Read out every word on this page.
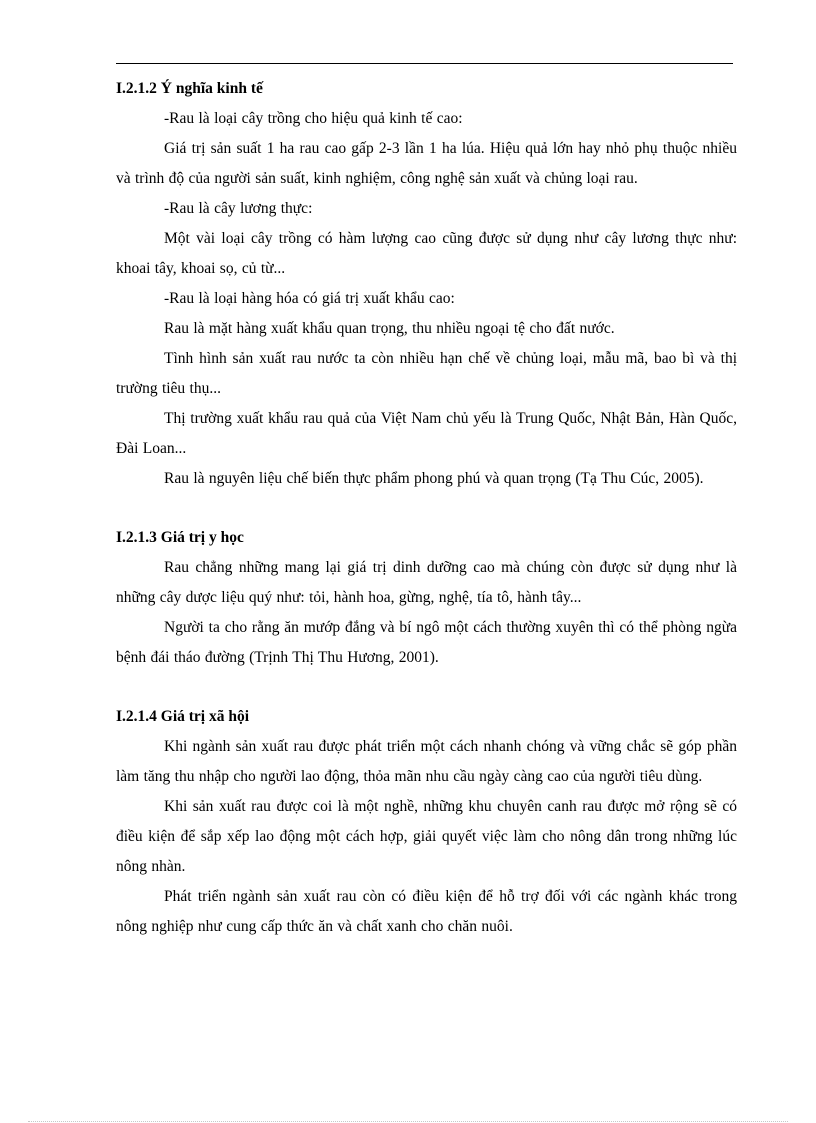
I.2.1.2 Ý nghĩa kinh tế

-Rau là loại cây trồng cho hiệu quả kinh tế cao:

Giá trị sản suất 1 ha rau cao gấp 2-3 lần 1 ha lúa. Hiệu quả lớn hay nhỏ phụ thuộc nhiều và trình độ của người sản suất, kinh nghiệm, công nghệ sản xuất và chủng loại rau.

-Rau là cây lương thực:

Một vài loại cây trồng có hàm lượng cao cũng được sử dụng như cây lương thực như: khoai tây, khoai sọ, củ từ...

-Rau là loại hàng hóa có giá trị xuất khẩu cao:

Rau là mặt hàng xuất khẩu quan trọng, thu nhiều ngoại tệ cho đất nước.

Tình hình sản xuất rau nước ta còn nhiều hạn chế về chủng loại, mẫu mã, bao bì và thị trường tiêu thụ...

Thị trường xuất khẩu rau quả của Việt Nam chủ yếu là Trung Quốc, Nhật Bản, Hàn Quốc, Đài Loan...

Rau là nguyên liệu chế biến thực phẩm phong phú và quan trọng (Tạ Thu Cúc, 2005).

I.2.1.3 Giá trị y học

Rau chẳng những mang lại giá trị dinh dưỡng cao mà chúng còn được sử dụng như là những cây dược liệu quý như: tỏi, hành hoa, gừng, nghệ, tía tô, hành tây...

Người ta cho rằng ăn mướp đắng và bí ngô một cách thường xuyên thì có thể phòng ngừa bệnh đái tháo đường (Trịnh Thị Thu Hương, 2001).

I.2.1.4 Giá trị xã hội

Khi ngành sản xuất rau được phát triển một cách nhanh chóng và vững chắc sẽ góp phần làm tăng thu nhập cho người lao động, thỏa mãn nhu cầu ngày càng cao của người tiêu dùng.

Khi sản xuất rau được coi là một nghề, những khu chuyên canh rau được mở rộng sẽ có điều kiện để sắp xếp lao động một cách hợp, giải quyết việc làm cho nông dân trong những lúc nông nhàn.

Phát triển ngành sản xuất rau còn có điều kiện để hỗ trợ đối với các ngành khác trong nông nghiệp như cung cấp thức ăn và chất xanh cho chăn nuôi.
